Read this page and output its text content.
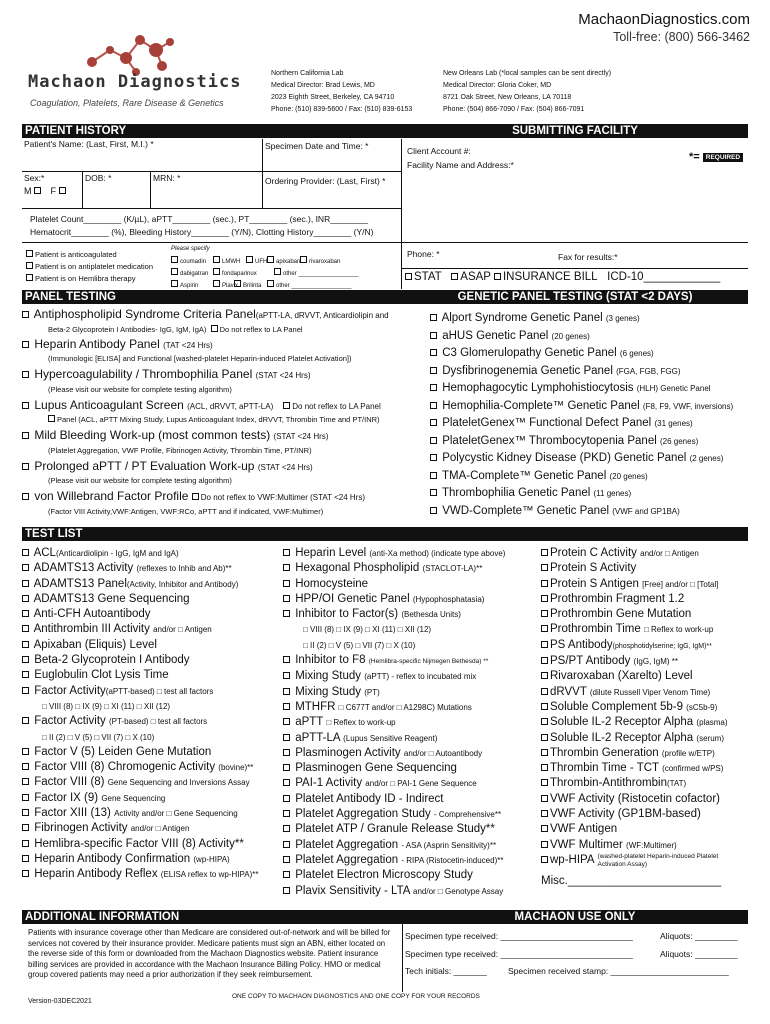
MachaonDiagnostics.com
Toll-free: (800) 566-3462
Machaon Diagnostics
Coagulation, Platelets, Rare Disease & Genetics
Northern California Lab
Medical Director: Brad Lewis, MD
2023 Eighth Street, Berkeley, CA 94710
Phone: (510) 839-5600 / Fax: (510) 839-6153
New Orleans Lab (*local samples can be sent directly)
Medical Director: Gloria Coker, MD
8721 Oak Street, New Orleans, LA 70118
Phone: (504) 866-7090 / Fax: (504) 866-7091
PATIENT HISTORY	SUBMITTING FACILITY
Patient's Name: (Last, First, M.I.) *	Specimen Date and Time: *
Sex:*
M F
DOB: *	MRN: *	Ordering Provider: (Last, First) *
Platelet Count________ (K/µL), aPTT________ (sec.), PT________ (sec.), INR________
Hematocrit________ (%), Bleeding History________ (Y/N), Clotting History________ (Y/N)
Patient is anticoagulated
Patient is on antiplatelet medication
Patient is on Hemlibra therapy
Please specify
coumadin	LMWH UFH apixaban rivaroxaban
dabigatran fondaparinux	other __________________
Aspirin	Plavix Brilinta other __________________
Client Account #:
Facility Name and Address:*
*= REQUIRED
Phone: *	Fax for results:*
STAT ASAP INSURANCE BILL ICD-10____________
PANEL TESTING	GENETIC PANEL TESTING (STAT <2 DAYS)
Antiphospholipid Syndrome Criteria Panel(aPTT-LA, dRVVT, Anticardiolipin and
Beta-2 Glycoprotein I Antibodies- IgG, IgM, IgA) Do not reflex to LA Panel
Heparin Antibody Panel (TAT <24 Hrs)
(Immunologic [ELISA] and Functional [washed-platelet Heparin-induced Platelet Activation])
Hypercoagulability / Thrombophilia Panel (STAT <24 Hrs)
(Please visit our website for complete testing algorithm)
Lupus Anticoagulant Screen (ACL, dRVVT, aPTT-LA) Do not reflex to LA Panel
Panel (ACL, aPTT Mixing Study, Lupus Anticoagulant Index, dRVVT, Thrombin Time and PT/INR)
Mild Bleeding Work-up (most common tests) (STAT <24 Hrs)
(Platelet Aggregation, VWF Profile, Fibrinogen Activity, Thrombin Time, PT/INR)
Prolonged aPTT / PT Evaluation Work-up (STAT <24 Hrs)
(Please visit our website for complete testing algorithm)
von Willebrand Factor Profile Do not reflex to VWF:Multimer (STAT <24 Hrs)
(Factor VIII Activity,VWF:Antigen, VWF:RCo, aPTT and if indicated, VWF:Multimer)
Alport Syndrome Genetic Panel (3 genes)
aHUS Genetic Panel (20 genes)
C3 Glomerulopathy Genetic Panel (6 genes)
Dysfibrinogenemia Genetic Panel (FGA, FGB, FGG)
Hemophagocytic Lymphohistiocytosis (HLH) Genetic Panel
Hemophilia-Complete™ Genetic Panel (F8, F9, VWF, inversions)
PlateletGenex™ Functional Defect Panel (31 genes)
PlateletGenex™ Thrombocytopenia Panel (26 genes)
Polycystic Kidney Disease (PKD) Genetic Panel (2 genes)
TMA-Complete™ Genetic Panel (20 genes)
Thrombophilia Genetic Panel (11 genes)
VWD-Complete™ Genetic Panel (VWF and GP1BA)
TEST LIST
ACL(Anticardiolipin - IgG, IgM and IgA)
ADAMTS13 Activity (reflexes to Inhib and Ab)**
ADAMTS13 Panel(Activity, Inhibitor and Antibody)
ADAMTS13 Gene Sequencing
Anti-CFH Autoantibody
Antithrombin III Activity and/or □ Antigen
Apixaban (Eliquis) Level
Beta-2 Glycoprotein I Antibody
Euglobulin Clot Lysis Time
Factor Activity(aPTT-based) □ test all factors
□ VIII (8) □ IX (9) □ XI (11) □ XII (12)
Factor Activity (PT-based) □ test all factors
□ II (2) □ V (5) □ VII (7) □ X (10)
Factor V (5) Leiden Gene Mutation
Factor VIII (8) Chromogenic Activity (bovine)**
Factor VIII (8) Gene Sequencing and Inversions Assay
Factor IX (9) Gene Sequencing
Factor XIII (13) Activity and/or □ Gene Sequencing
Fibrinogen Activity and/or □ Antigen
Hemlibra-specific Factor VIII (8) Activity**
Heparin Antibody Confirmation (wp-HIPA)
Heparin Antibody Reflex (ELISA reflex to wp-HIPA)**
Heparin Level (anti-Xa method) (indicate type above)
Hexagonal Phospholipid (STACLOT-LA)**
Homocysteine
HPP/OI Genetic Panel (Hypophosphatasia)
Inhibitor to Factor(s) (Bethesda Units)
□ VIII (8) □ IX (9) □ XI (11) □ XII (12)
□ II (2) □ V (5) □ VII (7) □ X (10)
Inhibitor to F8 (Hemlibra-specific Nijmegen Bethesda) **
Mixing Study (aPTT) - reflex to incubated mix
Mixing Study (PT)
MTHFR □ C677T and/or □ A1298C) Mutations
aPTT □ Reflex to work-up
aPTT-LA (Lupus Sensitive Reagent)
Plasminogen Activity and/or □ Autoantibody
Plasminogen Gene Sequencing
PAI-1 Activity and/or □ PAI-1 Gene Sequence
Platelet Antibody ID - Indirect
Platelet Aggregation Study - Comprehensive**
Platelet ATP / Granule Release Study**
Platelet Aggregation - ASA (Asprin Sensitivity)**
Platelet Aggregation - RIPA (Ristocetin-induced)**
Platelet Electron Microscopy Study
Plavix Sensitivity - LTA and/or □ Genotype Assay
Protein C Activity and/or □ Antigen
Protein S Activity
Protein S Antigen [Free] and/or □ [Total]
Prothrombin Fragment 1.2
Prothrombin Gene Mutation
Prothrombin Time □ Reflex to work-up
PS Antibody(phosphotidylserine; IgG, IgM)**
PS/PT Antibody (IgG, IgM) **
Rivaroxaban (Xarelto) Level
dRVVT (dilute Russell Viper Venom Time)
Soluble Complement 5b-9 (sC5b-9)
Soluble IL-2 Receptor Alpha (plasma)
Soluble IL-2 Receptor Alpha (serum)
Thrombin Generation (profile w/ETP)
Thrombin Time - TCT (confirmed w/PS)
Thrombin-Antithrombin(TAT)
VWF Activity (Ristocetin cofactor)
VWF Activity (GP1BM-based)
VWF Antigen
VWF Multimer (WF:Multimer)
wp-HIPA (washed-platelet Heparin-induced Platelet Activation Assay)
Misc.________________________
ADDITIONAL INFORMATION	MACHAON USE ONLY
Patients with insurance coverage other than Medicare are considered out-of-network and will be billed for services not covered by their insurance provider. Medicare patients must sign an ABN, either located on the reverse side of this form or downloaded from the Machaon Diagnostics website. Patient insurance billing services are provided in accordance with the Machaon Insurance Billing Policy. HMO or medical group covered patients may need a prior authorization if they seek reimbursement.
Version-03DEC2021
Specimen type received: ____________________________	Aliquots: _________
Specimen type received: ____________________________	Aliquots: _________
Tech initials: _______ Specimen received stamp: _________________________
ONE COPY TO MACHAON DIAGNOSTICS AND ONE COPY FOR YOUR RECORDS
